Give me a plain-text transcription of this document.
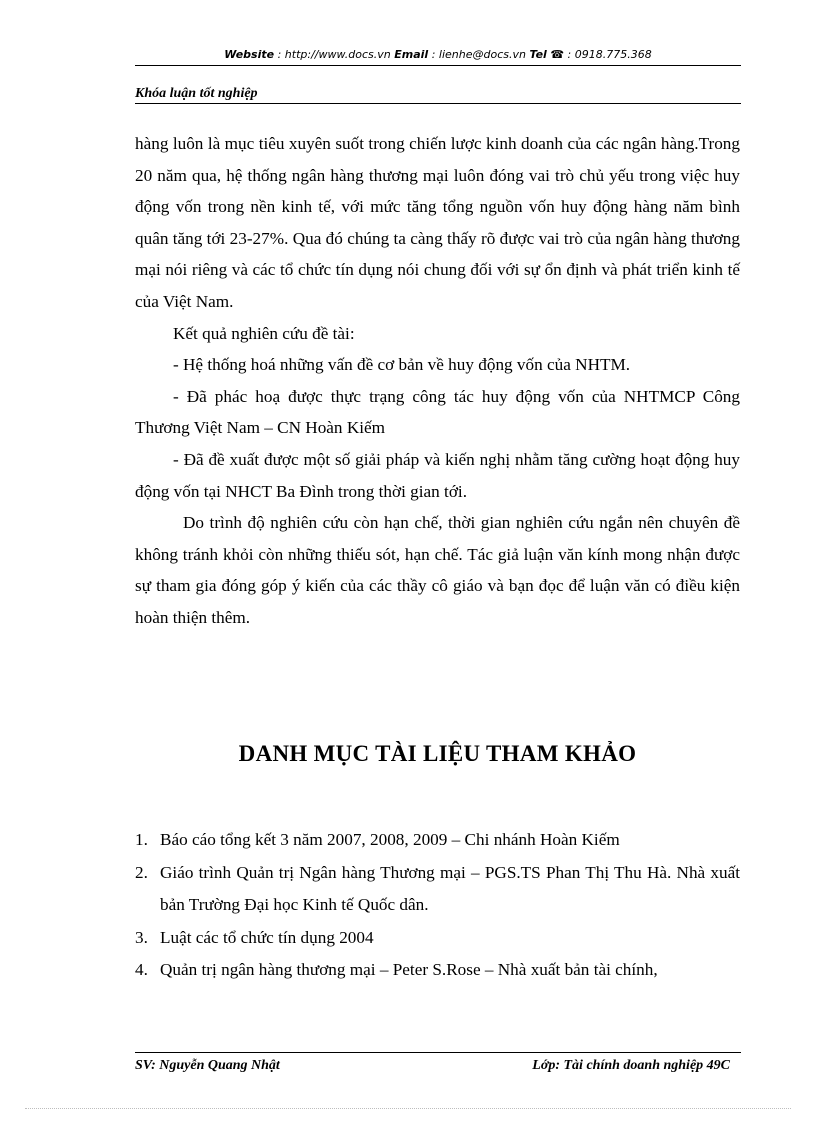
Website : http://www.docs.vn Email : lienhe@docs.vn Tel ☎ : 0918.775.368
Khóa luận tốt nghiệp

hàng luôn là mục tiêu xuyên suốt trong chiến lược kinh doanh của các ngân hàng.Trong 20 năm qua, hệ thống ngân hàng thương mại luôn đóng vai trò chủ yếu trong việc huy động vốn trong nền kinh tế, với mức tăng tổng nguồn vốn huy động hàng năm bình quân tăng tới 23-27%. Qua đó chúng ta càng thấy rõ được vai trò của ngân hàng thương mại nói riêng và các tổ chức tín dụng nói chung đối với sự ổn định và phát triển kinh tế của Việt Nam.

Kết quả nghiên cứu đề tài:

- Hệ thống hoá những vấn đề cơ bản về huy động vốn của NHTM.

- Đã phác hoạ được thực trạng công tác huy động vốn của NHTMCP Công Thương Việt Nam – CN Hoàn Kiếm

- Đã đề xuất được một số giải pháp và kiến nghị nhằm tăng cường hoạt động huy động vốn tại NHCT Ba Đình trong thời gian tới.

Do trình độ nghiên cứu còn hạn chế, thời gian nghiên cứu ngắn nên chuyên đề không tránh khỏi còn những thiếu sót, hạn chế. Tác giả luận văn kính mong nhận được sự tham gia đóng góp ý kiến của các thầy cô giáo và bạn đọc để luận văn có điều kiện hoàn thiện thêm.

DANH MỤC TÀI LIỆU THAM KHẢO
1. Báo cáo tổng kết 3 năm 2007, 2008, 2009 – Chi nhánh Hoàn Kiếm
2. Giáo trình Quản trị Ngân hàng Thương mại – PGS.TS Phan Thị Thu Hà. Nhà xuất bản Trường Đại học Kinh tế Quốc dân.
3. Luật các tổ chức tín dụng 2004
4. Quản trị ngân hàng thương mại – Peter S.Rose – Nhà xuất bản tài chính,
SV: Nguyễn Quang Nhật	Lớp: Tài chính doanh nghiệp 49C
